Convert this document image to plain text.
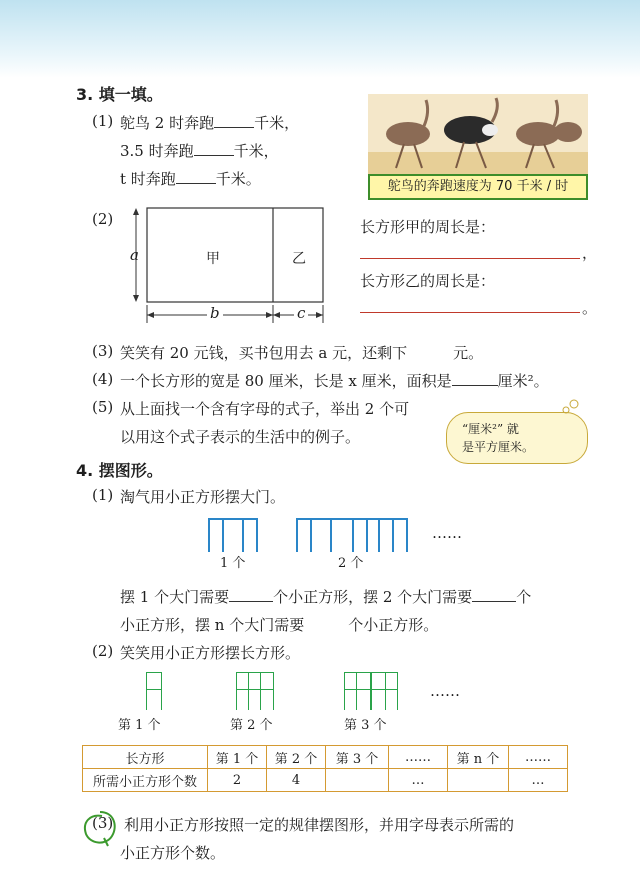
3. 填一填。
(1) 鸵鸟 2 时奔跑	千米，
3.5 时奔跑	千米，
t 时奔跑	千米。	鸵鸟的奔跑速度为 70 千米 / 时
(2)
甲	乙
a
b	c
长方形甲的周长是：
，
长方形乙的周长是：
。
(3) 笑笑有 20 元钱，买书包用去 a 元，还剩下	元。
(4) 一个长方形的宽是 80 厘米，长是 x 厘米，面积是	厘米²。
(5) 从上面找一个含有字母的式子，举出 2 个可
以用这个式子表示的生活中的例子。	“厘米²” 就
是平方厘米。
4. 摆图形。
(1) 淘气用小正方形摆大门。
1 个	2 个
……
摆 1 个大门需要	个小正方形，摆 2 个大门需要	个
小正方形，摆 n 个大门需要	个小正方形。
(2) 笑笑用小正方形摆长方形。
第 1 个	第 2 个	第 3 个
……
长方形	第 1 个	第 2 个	第 3 个	……	第 n 个	……
所需小正方形个数	2	4		…		…
(3) 利用小正方形按照一定的规律摆图形，并用字母表示所需的
小正方形个数。
